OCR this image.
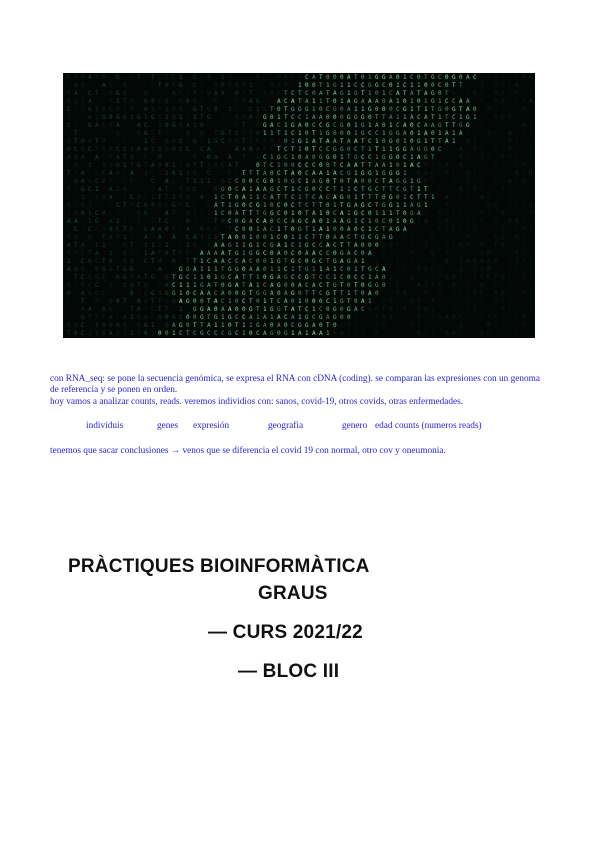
C
A
0
C
1
C
1
0
A
0
T
T
A
G
1
A
C
0
A
0
1
A
C
G
0
A
G
T
A
A
A
1
G
G
T
T
C
0
A
A
G
T
C
0
A
C
0
T
0
G
T
G
G
0
0
A
1
G
0
0
A
A
A
G
1
0
0
1
A
C
C
0
C
T
A
T
A
G
C
C
A
C
A
G
A
G
A
C
1
C
0
C
1
1
1
C
G
A
T
0
1
C
0
A
T
1
0
T
1
1
A
C
T
T
A
0
C
1
1
C
G
C
T
A
C
0
G
C
C
0
T
T
T
0
A
1
A
G
C
0
1
C
1
C
0
A
0
A
T
1
T
G
T
C
A
T
0
G
0
0
A
C
0
0
0
0
1
A
T
A
A
G
C
A
0
A
G
1
0
G
1
G
0
A
0
A
G
G
1
A
G
A
G
C
A
0
A
1
C
1
1
C
T
T
0
1
0
C
0
A
0
G
T
T
G
C
C
T
1
G
G
A
1
T
1
T
1
G
G
1
G
G
C
T
A
0
1
0
A
0
1
1
0
T
A
C
C
A
C
G
T
C
G
G
T
G
0
T
1
1
T
G
G
A
G
0
G
C
A
C
G
1
A
C
T
A
T
0
0
0
0
C
T
C
G
G
0
1
C
G
1
0
C
T
1
C
G
G
C
A
1
1
C
T
G
C
A
A
A
G
0
T
0
0
1
G
1
C
1
A
C
C
1
1
0
1
A
A
1
A
T
G
G
T
C
0
1
1
C
T
C
0
C
1
T
G
0
0
G
A
T
0
T
A
A
1
T
0
A
T
G
T
T
G
C
0
T
0
G
1
1
0
0
0
G
0
1
A
T
T
C
A
C
0
1
0
G
A
G
G
T
0
G
0
C
T
A
0
G
G
0
0
1
0
1
1
G
T
T
A
T
0
C
T
C
G
G
G
A
1
1
G
C
G
0
1
0
C
C
1
1
0
T
0
1
T
C
T
G
G
1
1
A
1
C
G
C
0
0
G
A
0
G
C
A
1
T
0
G
C
G
0
A
C
1
C
T
G
C
1
0
G
0
0
T
C
C
T
C
G
1
1
G
0
T
0
1
C
C
T
1
A
0
0
T
A
1
1
C
0
G
0
T
C
0
0
1
T
T
T
0
G
0
C
T
1
0
T
0
1
T
A
1
1
1
G
A
0
G
G
T
G
A
0
G
G
1
A
0
1
C
1
C
1
T
G
1
1
A
C
1
0
A
A
T
A
T
A
C
0
A
C
0
T
G
T
A
A
C
0
1
A
1
T
C
1
A
A
A
1
1
T
C
A
0
G
1
C
1
0
A
1
G
C
C
G
G
C
T
C
0
T
A
A
A
T
G
0
A
C
A
1
1
C
G
T
1
T
0
A
A
C
C
0
T
1
0
C
T
A
G
T
C
G
C
G
0
1
A
G
0
G
G
0
G
C
G
0
C
G
A
T
G
C
C
0
G
A
0
C
0
1
G
C
G
A
A
0
0
0
C
T
C
T
A
T
A
T
G
T
A
T
T
0
A
A
0
T
G
0
0
1
1
A
0
T
T
G
C
0
C
1
1
1
T
A
C
0
G
1
0
G
T
0
1
1
C
T
A
0
1
G
G
C
A
T
A
T
T
G
A
1
0
A
G
1
G
0
0
C
A
A
0
T
C
A
1
G
T
C
1
0
1
G
0
A
1
1
G
0
T
1
G
C
C
G
G
G
G
1
G
0
C
T
A
G
A
C
1
G
A
A
0
C
C
0
0
0
C
G
1
1
A
A
A
0
A
T
0
A
1
0
T
1
C
0
0
G
A
0
G
0
C
1
G
0
1
1
G
A
A
T
G
1
0
G
0
1
G
A
0
1
C
T
1
T
G
1
C
1
C
T
C
C
C
1
C
A
A
G
1
A
G
0
C
G
A
A
0
A
T
T
C
T
T
1
1
0
C
C
0
T
0
T
T
0
0
C
T
0
1
0
T
C
G
0
A
A
T
C
0
G
0
C
A
G
C
G
C
1
T
1
0
A
G
1
C
C
1
A
0
1
C
C
G
1
C
0
G
0
A
A
C
1
G
1
T
T
G
C
A
1
G
1
0
C
0
C
C
1
T
0
G
G
1
1
0
C
T
C
A
0
1
T
1
G
A
C
0
C
A
G
1
0
0
1
0
A
C
C
1
G
T
C
T
C
T
C
G
A
0
G
G
C
T
0
C
G
G
1
A
0
0
1
1
A
C
T
A
T
0
C
A
A
0
C
T
A
A
1
T
C
A
G
1
T
A
T
0
1
C
A
A
T
T
A
1
0
A
C
1
T
C
G
0
A
G
C
A
T
1
0
A
T
C
C
C
1
C
C
C
0
C
G
0
A
0
1
T
T
C
0
G
G
A
C
G
0
1
0
C
C
0
0
1
1
0
A
C
T
A
C
T
G
C
0
A
T
1
0
G
A
0
G
0
C
0
A
G
0
T
A
T
T
A
1
C
A
0
A
C
0
G
1
1
G
T
1
G
G
0
A
0
1
G
1
0
0
G
0
T
G
1
C
C
0
1
G
T
A
A
0
A
T
G
A
C
C
T
T
G
0
0
C
A
A
1
1
A
A
G
0
0
A
0
T
A
G
T
1
0
G
1
G
A
C
T
A
G
0
0
0
1
T
G
0
T
1
T
C
G
G
1
G
1
1
A
C
G
A
1
A
C
1
A
G
1
0
T
A
C
A
1
C
T
T
0
A
G
G
1
0
C
T
A
1
G
G
G
T
T
C
T
G
0
T
T
G
C
C
C
G
0
0
1
T
C
0
0
A
C
G
1
G
1
A
G
0
1
C
C
1
C
T
G
0
G
T
C
0
1
1
C
0
A
G
1
G
A
1
0
G
G
0
A
0
T
A
C
1
T
1
A
1
C
C
T
T
1
0
C
G
0
1
C
A
G
0
G
T
G
0
G
C
1
0
0
T
0
1
0
1
G
A
G
T
T
0
G
1
C
T
A
A
C
A
0
0
T
T
A
0
A
0
C
A
0
A
1
G
G
1
G
1
G
A
T
G
G
1
0
A
G
G
C
1
C
T
0
1
0
1
A
1
C
1
C
G
0
G
0
0
G
G
C
0
1
T
1
G
0
T
G
C
C
G
C
C
1
C
T
0
G
1
A
A
1
G
C
1
1
G
G
1
1
0
0
A
C
G
0
T
C
1
A
1
1
A
0
0
0
A
1
A
1
T
C
A
G
G
1
1
T
0
1
G
G
0
1
T
0
T
C
C
1
G
G
A
C
0
G
1
T
G
A
A
T
A
A
0
T
T
A
G
T
0
A
1
1
A
A
A
1
G
G
T
A
C
T
T
1
C
A
1
0
A
1
T
G
T
G
0
G
G
T
T
A
0
T
0
T
T
G
T
1
G
G
0
G
C
T
A
1
G
C
1
C
C
0
1
G
1
G
1
T
C
0
C
T
C
G
C
G
T
T
0
0
0
0
T
C
0
T
T
A
A
G
A
T
A
0
1
0
1
1
T
G
G
A
G
G
T
1
C
G
C
T
1
1
C
1
T
C
C
0
1
0
0
C
T
A
A
0
T
A
T
1
G
A
A
0
A
T
0
A
A
T
G
1
1
1
A
C
1
C
A
C
A
A
G
G
T
G
C
G
1
1
1
G
C
0
T
A
C
T
1
1
C
T
0
C
0
1
T
A
T
G
C
G
T
G
G
A
T
T
1
T
1
C
T
C
C
1
C
1
A
0
0
T
1
A
1
T
A
C
0
0
1
0
0
1
1
1
G
1
0
A
0
C
A
0
G
G
1
0
0
1
A
C
1
T
T
0
G
1
C
T
0
T
T
A
1
C
1
G
T
A
0
G
G
C
0
A
T
G
C
1
0
G
0
T
A
G
T
C
0
T
A
0
T
0
T
A
A
G
G
A
T
1
T
1
T
G
T
C
T
A
0
T
1
T
C
0
G
C
G
A
G
A
1
C
0
G
A
A
A
A
1
A
C
G
1
G
0
C
C
C
A
1
T
T
G
A
G
A
G
1
T
C
0
G
T
1
T
1
1
1
A
T

con RNA_seq: se pone la secuencia genómica, se expresa el RNA con cDNA (coding). se comparan las expresiones con un genoma de referencia y se ponen en orden.

hoy vamos a analizar counts, reads. veremos individios con: sanos, covid-19, otros covids, otras enfermedades.

individuis	genes expresión	geografia	genero edad counts (numeros reads)
tenemos que sacar conclusiones → venos que se diferencia el covid 19 con normal, otro cov y oneumonia.
PRÀCTIQUES BIOINFORMÀTICA
GRAUS
— CURS 2021/22
— BLOC III
